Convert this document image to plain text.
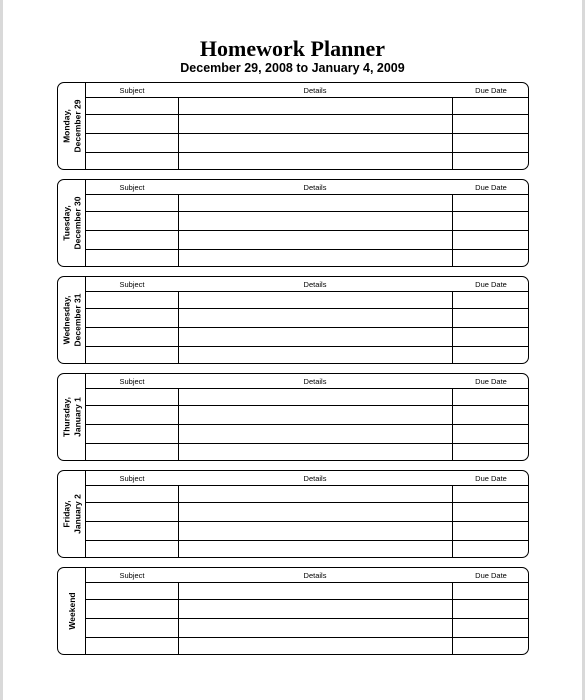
Homework Planner
December 29, 2008 to January 4, 2009
Monday, December 29
Subject	Details	Due Date
Tuesday, December 30
Subject	Details	Due Date
Wednesday, December 31
Subject	Details	Due Date
Thursday, January 1
Subject	Details	Due Date
Friday, January 2
Subject	Details	Due Date
Weekend
Subject	Details	Due Date
